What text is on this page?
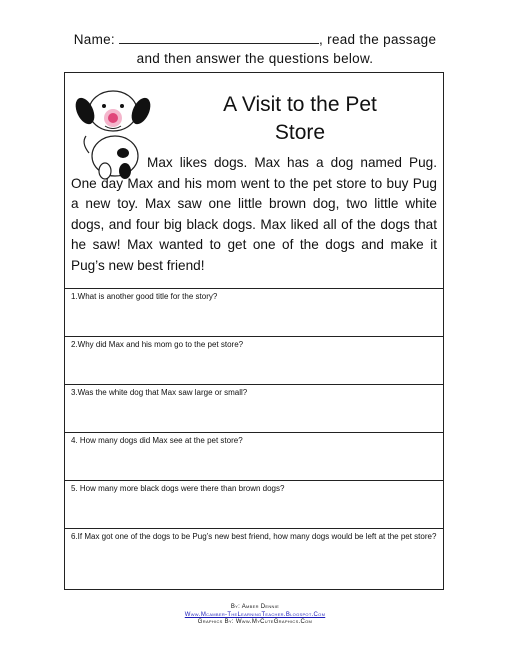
Name:	, read the passage
and then answer the questions below.
A Visit to the Pet
Store

Max likes dogs. Max has a dog named Pug. One day Max and his mom went to the pet store to buy Pug a new toy. Max saw one little brown dog, two little white dogs, and four big black dogs. Max liked all of the dogs that he saw! Max wanted to get one of the dogs and make it Pug’s new best friend!

1.What is another good title for the story?
2.Why did Max and his mom go to the pet store?
3.Was the white dog that Max saw large or small?
4. How many dogs did Max see at the pet store?
5. How many more black dogs were there than brown dogs?
6.If Max got one of the dogs to be Pug’s new best friend, how many dogs would be left at the pet store?
By: Amber Dennie
Www.Mcamber-TheLearningTeacher.Blogspot.Com
Graphics By: Www.MyCuteGraphics.Com
